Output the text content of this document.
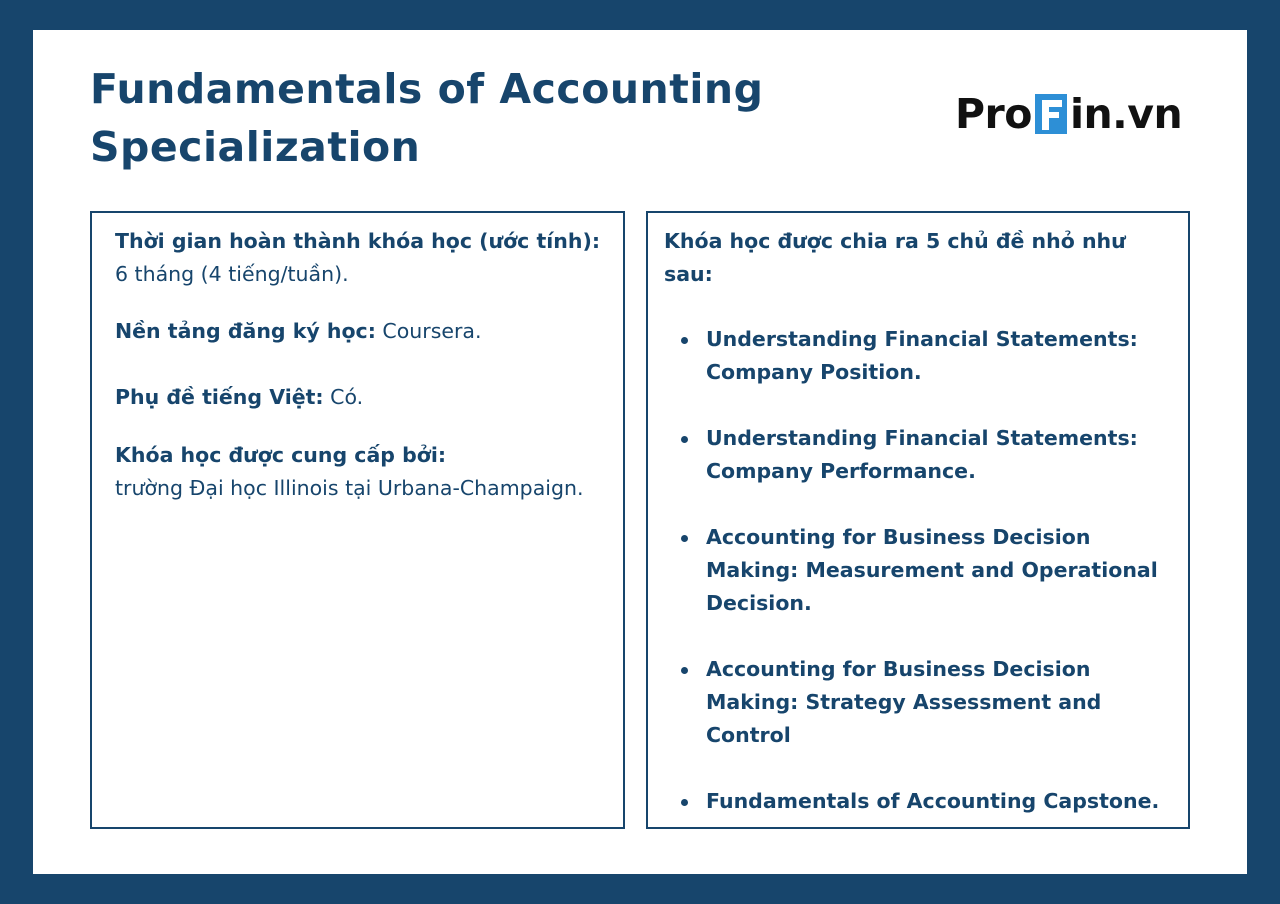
Fundamentals of Accounting
Specialization
Pro in.vn

Thời gian hoàn thành khóa học (ước tính): 6 tháng (4 tiếng/tuần).

Nền tảng đăng ký học: Coursera.

Phụ đề tiếng Việt: Có.

Khóa học được cung cấp bởi:
trường Đại học Illinois tại Urbana-Champaign.

Khóa học được chia ra 5 chủ đề nhỏ như sau:

Understanding Financial Statements: Company Position.
Understanding Financial Statements: Company Performance.
Accounting for Business Decision Making: Measurement and Operational Decision.
Accounting for Business Decision Making: Strategy Assessment and Control
Fundamentals of Accounting Capstone.
